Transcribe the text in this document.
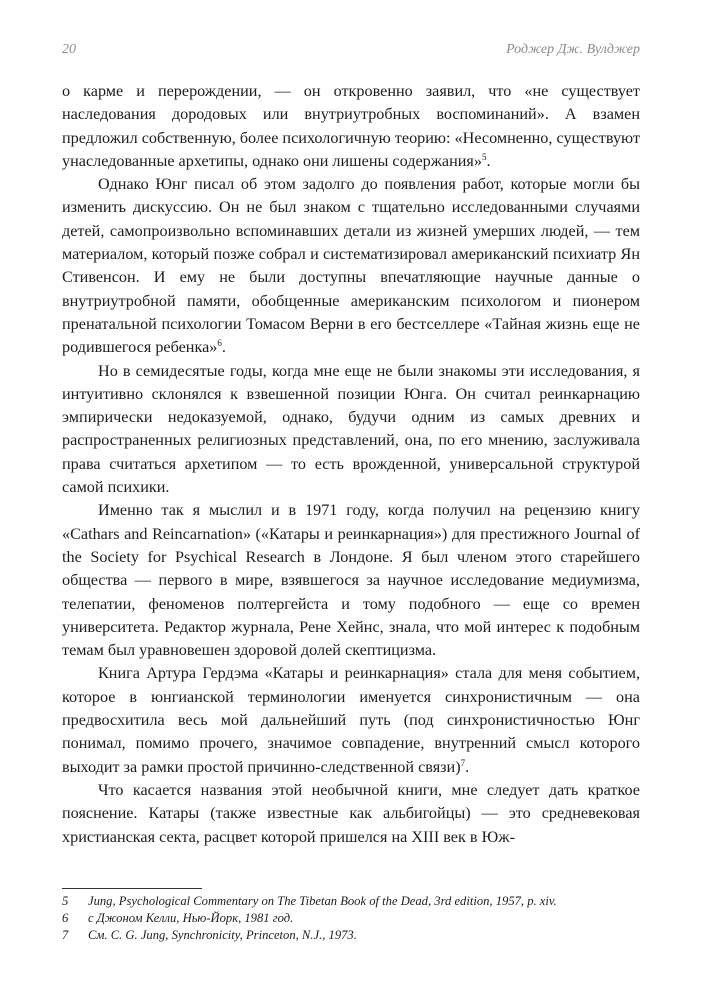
20	Роджер Дж. Вулджер

о карме и перерождении, — он откровенно заявил, что «не существует наследования дородовых или внутриутробных воспоминаний». А взамен предложил собственную, более психологичную теорию: «Несомненно, существуют унаследованные архетипы, однако они лишены содержания»$^5$.

Однако Юнг писал об этом задолго до появления работ, которые могли бы изменить дискуссию. Он не был знаком с тщательно исследованными случаями детей, самопроизвольно вспоминавших детали из жизней умерших людей, — тем материалом, который позже собрал и систематизировал американский психиатр Ян Стивенсон. И ему не были доступны впечатляющие научные данные о внутриутробной памяти, обобщенные американским психологом и пионером пренатальной психологии Томасом Верни в его бестселлере «Тайная жизнь еще не родившегося ребенка»$^6$.

Но в семидесятые годы, когда мне еще не были знакомы эти исследования, я интуитивно склонялся к взвешенной позиции Юнга. Он считал реинкарнацию эмпирически недоказуемой, однако, будучи одним из самых древних и распространенных религиозных представлений, она, по его мнению, заслуживала права считаться архетипом — то есть врожденной, универсальной структурой самой психики.

Именно так я мыслил и в 1971 году, когда получил на рецензию книгу «Cathars and Reincarnation» («Катары и реинкарнация») для престижного Journal of the Society for Psychical Research в Лондоне. Я был членом этого старейшего общества — первого в мире, взявшегося за научное исследование медиумизма, телепатии, феноменов полтергейста и тому подобного — еще со времен университета. Редактор журнала, Рене Хейнс, знала, что мой интерес к подобным темам был уравновешен здоровой долей скептицизма.

Книга Артура Гердэма «Катары и реинкарнация» стала для меня событием, которое в юнгианской терминологии именуется синхронистичным — она предвосхитила весь мой дальнейший путь (под синхронистичностью Юнг понимал, помимо прочего, значимое совпадение, внутренний смысл которого выходит за рамки простой причинно-следственной связи)$^7$.

Что касается названия этой необычной книги, мне следует дать краткое пояснение. Катары (также известные как альбигойцы) — это средневековая христианская секта, расцвет которой пришелся на XIII век в Юж-

5	Jung, Psychological Commentary on The Tibetan Book of the Dead, 3rd edition, 1957, p. xiv.
6	с Джоном Келли, Нью-Йорк, 1981 год.
7	См. C. G. Jung, Synchronicity, Princeton, N.J., 1973.
